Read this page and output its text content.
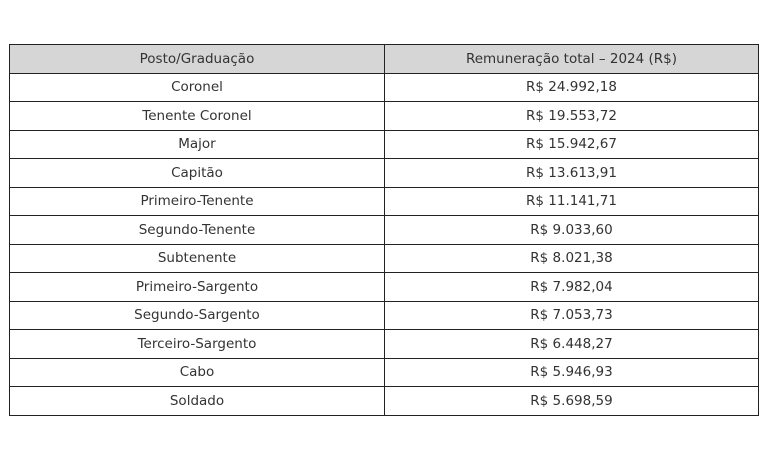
Posto/Graduação	Remuneração total – 2024 (R$)
Coronel	R$ 24.992,18
Tenente Coronel	R$ 19.553,72
Major	R$ 15.942,67
Capitão	R$ 13.613,91
Primeiro-Tenente	R$ 11.141,71
Segundo-Tenente	R$ 9.033,60
Subtenente	R$ 8.021,38
Primeiro-Sargento	R$ 7.982,04
Segundo-Sargento	R$ 7.053,73
Terceiro-Sargento	R$ 6.448,27
Cabo	R$ 5.946,93
Soldado	R$ 5.698,59
